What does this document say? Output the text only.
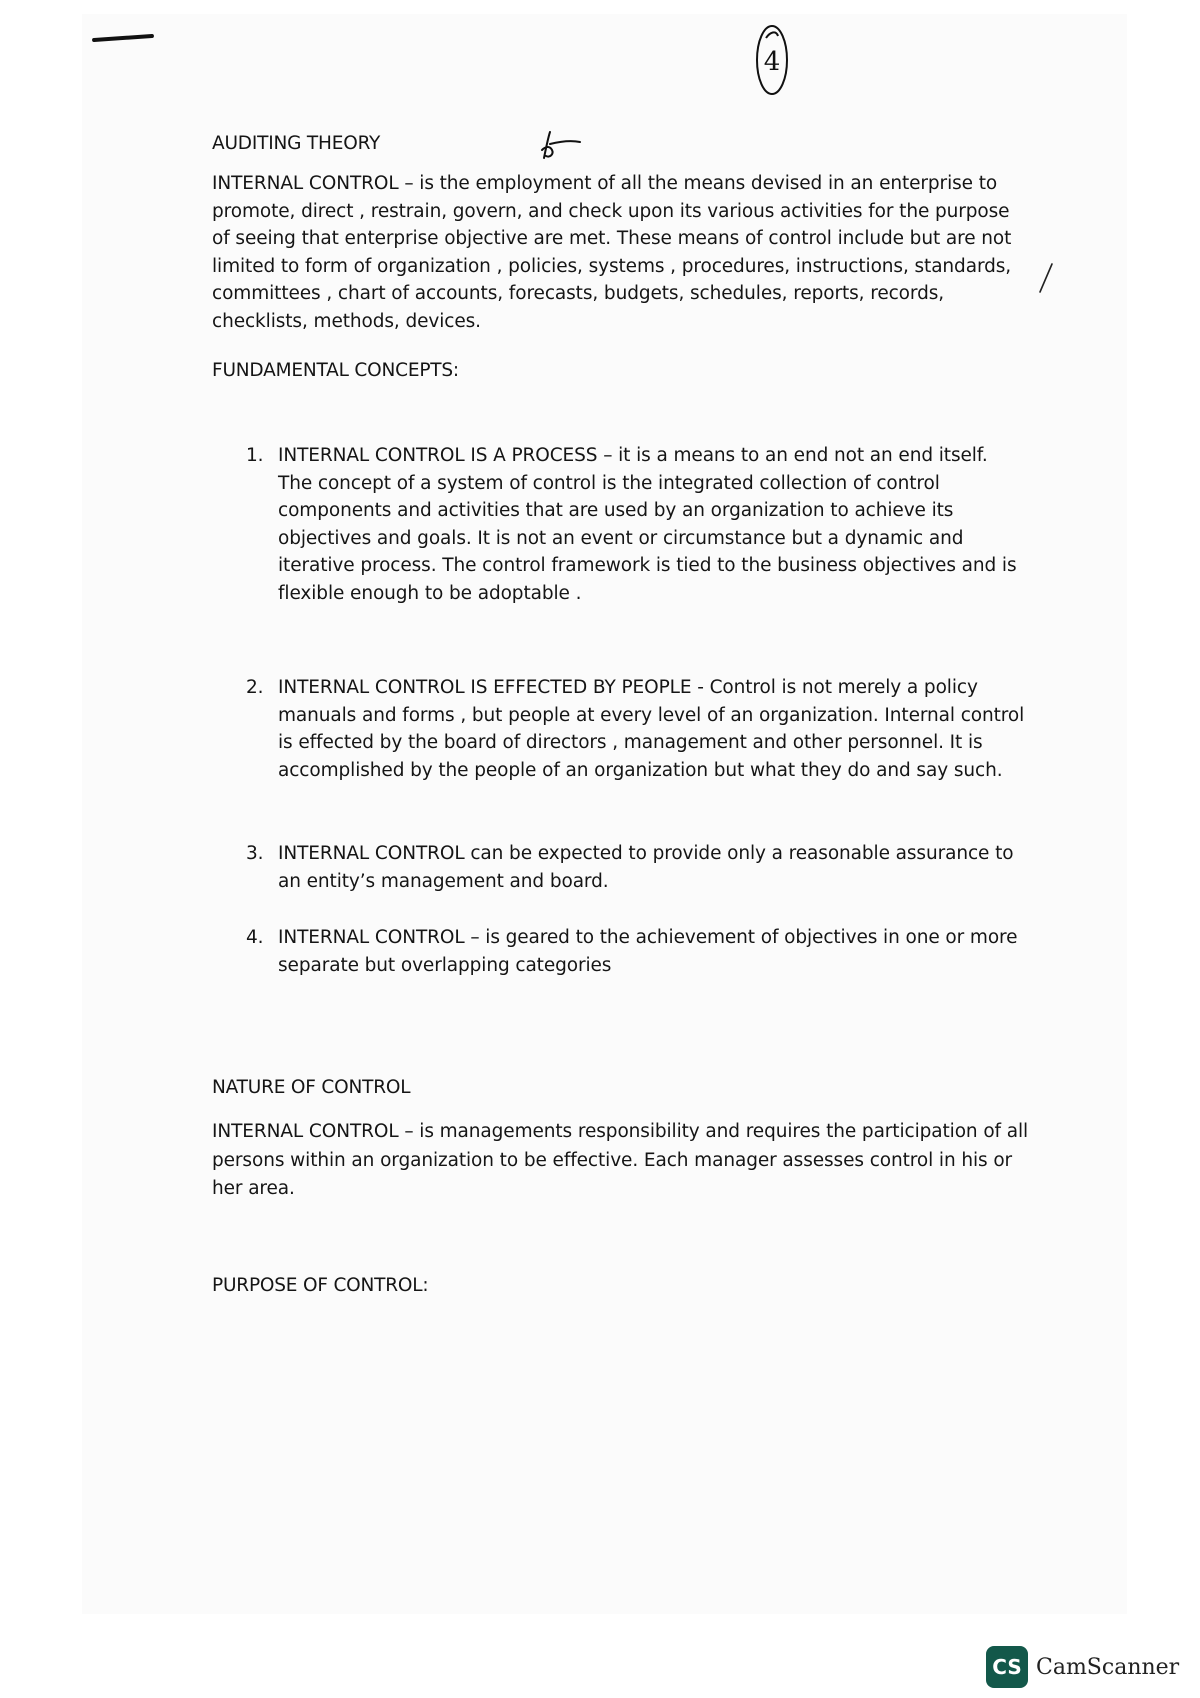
4
AUDITING THEORY
INTERNAL CONTROL – is the employment of all the means devised in an enterprise to promote, direct , restrain, govern, and check upon its various activities for the purpose of seeing that enterprise objective are met. These means of control include but are not limited to form of organization , policies, systems , procedures, instructions, standards, committees , chart of accounts, forecasts, budgets, schedules, reports, records, checklists, methods, devices.
FUNDAMENTAL CONCEPTS:
1. INTERNAL CONTROL IS A PROCESS – it is a means to an end not an end itself. The concept of a system of control is the integrated collection of control components and activities that are used by an organization to achieve its objectives and goals. It is not an event or circumstance but a dynamic and iterative process. The control framework is tied to the business objectives and is flexible enough to be adoptable .
2. INTERNAL CONTROL IS EFFECTED BY PEOPLE - Control is not merely a policy manuals and forms , but people at every level of an organization. Internal control is effected by the board of directors , management and other personnel. It is accomplished by the people of an organization but what they do and say such.
3. INTERNAL CONTROL can be expected to provide only a reasonable assurance to an entity’s management and board.
4. INTERNAL CONTROL – is geared to the achievement of objectives in one or more separate but overlapping categories
NATURE OF CONTROL
INTERNAL CONTROL – is managements responsibility and requires the participation of all persons within an organization to be effective. Each manager assesses control in his or her area.
PURPOSE OF CONTROL:
CS CamScanner
